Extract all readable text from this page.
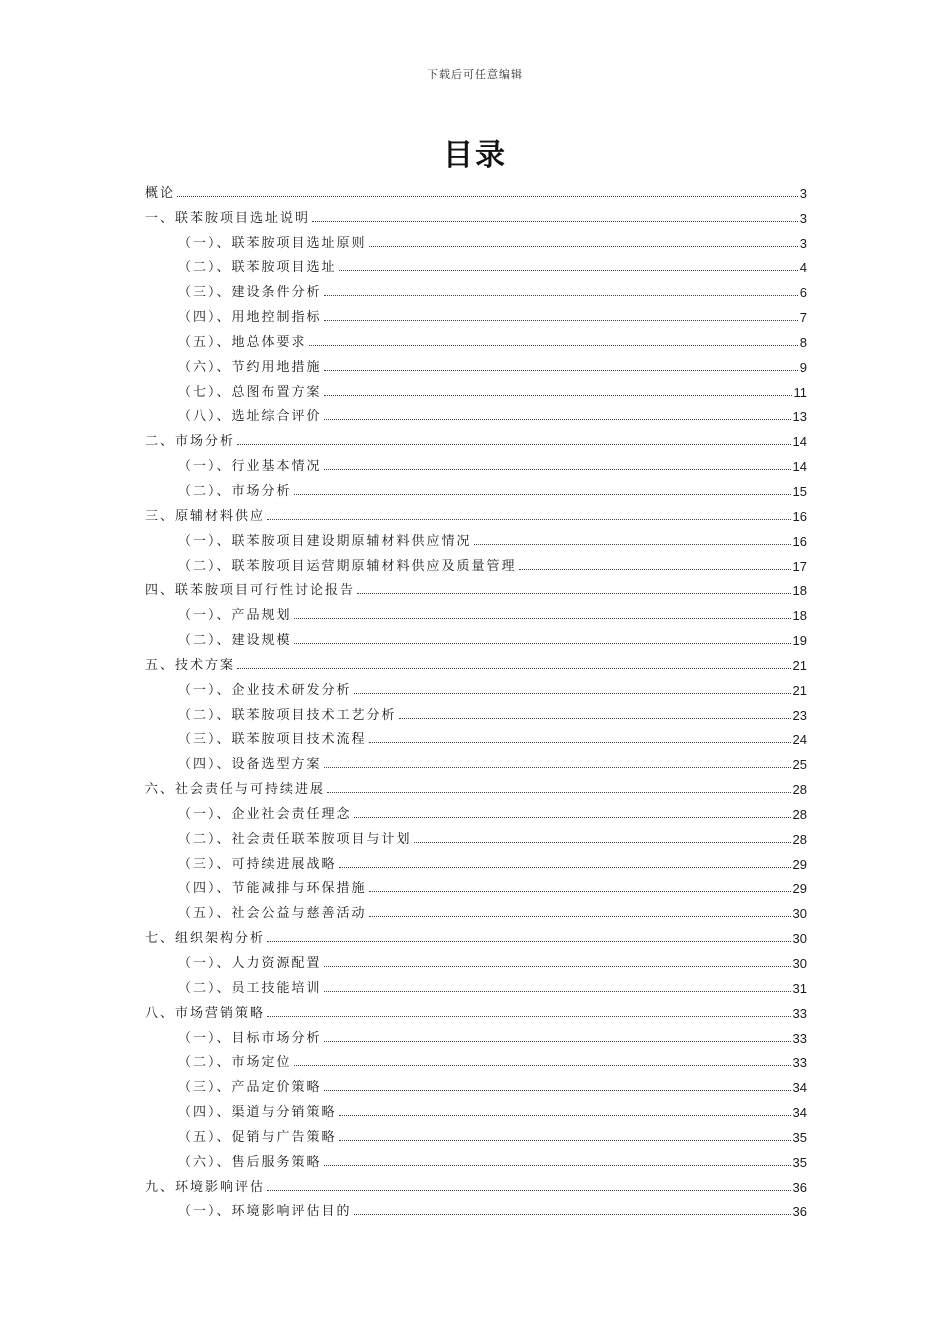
下载后可任意编辑
目录
概论	3
一、联苯胺项目选址说明	3
（一）、联苯胺项目选址原则	3
（二）、联苯胺项目选址	4
（三）、建设条件分析	6
（四）、用地控制指标	7
（五）、地总体要求	8
（六）、节约用地措施	9
（七）、总图布置方案	11
（八）、选址综合评价	13
二、市场分析	14
（一）、行业基本情况	14
（二）、市场分析	15
三、原辅材料供应	16
（一）、联苯胺项目建设期原辅材料供应情况	16
（二）、联苯胺项目运营期原辅材料供应及质量管理	17
四、联苯胺项目可行性讨论报告	18
（一）、产品规划	18
（二）、建设规模	19
五、技术方案	21
（一）、企业技术研发分析	21
（二）、联苯胺项目技术工艺分析	23
（三）、联苯胺项目技术流程	24
（四）、设备选型方案	25
六、社会责任与可持续进展	28
（一）、企业社会责任理念	28
（二）、社会责任联苯胺项目与计划	28
（三）、可持续进展战略	29
（四）、节能减排与环保措施	29
（五）、社会公益与慈善活动	30
七、组织架构分析	30
（一）、人力资源配置	30
（二）、员工技能培训	31
八、市场营销策略	33
（一）、目标市场分析	33
（二）、市场定位	33
（三）、产品定价策略	34
（四）、渠道与分销策略	34
（五）、促销与广告策略	35
（六）、售后服务策略	35
九、环境影响评估	36
（一）、环境影响评估目的	36
